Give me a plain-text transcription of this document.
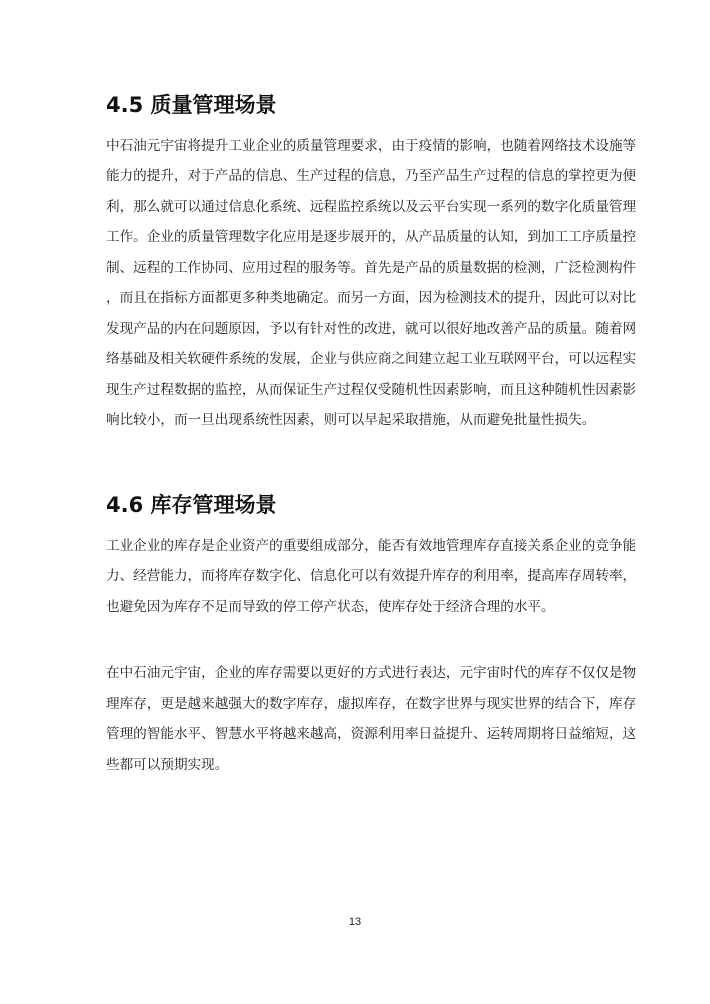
4.5 质量管理场景

中石油元宇宙将提升工业企业的质量管理要求，由于疫情的影响，也随着网络技术设施等

能力的提升，对于产品的信息、生产过程的信息，乃至产品生产过程的信息的掌控更为便

利，那么就可以通过信息化系统、远程监控系统以及云平台实现一系列的数字化质量管理

工作。企业的质量管理数字化应用是逐步展开的，从产品质量的认知，到加工工序质量控

制、远程的工作协同、应用过程的服务等。首先是产品的质量数据的检测，广泛检测构件

，而且在指标方面都更多种类地确定。而另一方面，因为检测技术的提升，因此可以对比

发现产品的内在问题原因，予以有针对性的改进，就可以很好地改善产品的质量。随着网

络基础及相关软硬件系统的发展，企业与供应商之间建立起工业互联网平台，可以远程实

现生产过程数据的监控，从而保证生产过程仅受随机性因素影响，而且这种随机性因素影

响比较小，而一旦出现系统性因素，则可以早起采取措施，从而避免批量性损失。

4.6 库存管理场景

工业企业的库存是企业资产的重要组成部分，能否有效地管理库存直接关系企业的竞争能

力、经营能力，而将库存数字化、信息化可以有效提升库存的利用率，提高库存周转率，

也避免因为库存不足而导致的停工停产状态，使库存处于经济合理的水平。

在中石油元宇宙，企业的库存需要以更好的方式进行表达，元宇宙时代的库存不仅仅是物

理库存，更是越来越强大的数字库存，虚拟库存，在数字世界与现实世界的结合下，库存

管理的智能水平、智慧水平将越来越高，资源利用率日益提升、运转周期将日益缩短，这

些都可以预期实现。

13
